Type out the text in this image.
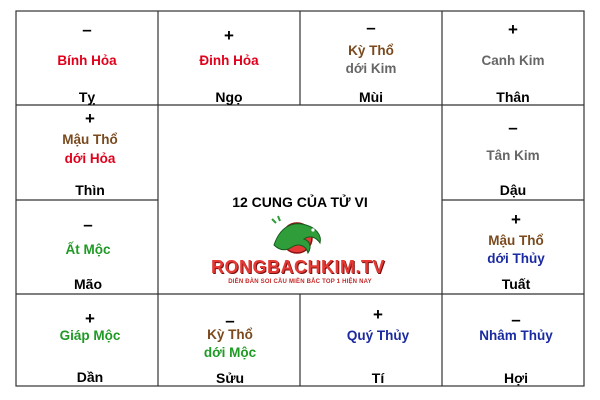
–
Bính Hỏa
Tỵ
+
Đinh Hỏa
Ngọ
–
Kỳ Thổ
dới Kim
Mùi
+
Canh Kim
Thân
+
Mậu Thổ
dới Hỏa
Thìn
–
Tân Kim
Dậu
–
Ất Mộc
Mão
+
Mậu Thổ
dới Thủy
Tuất
+
Giáp Mộc
Dần
–
Kỳ Thổ
dới Mộc
Sửu
+
Quý Thủy
Tí
–
Nhâm Thủy
Hợi
12 CUNG CỦA TỬ VI
RONGBACHKIM.TV
DIỄN ĐÀN SOI CẦU MIỀN BẮC TOP 1 HIỆN NAY
